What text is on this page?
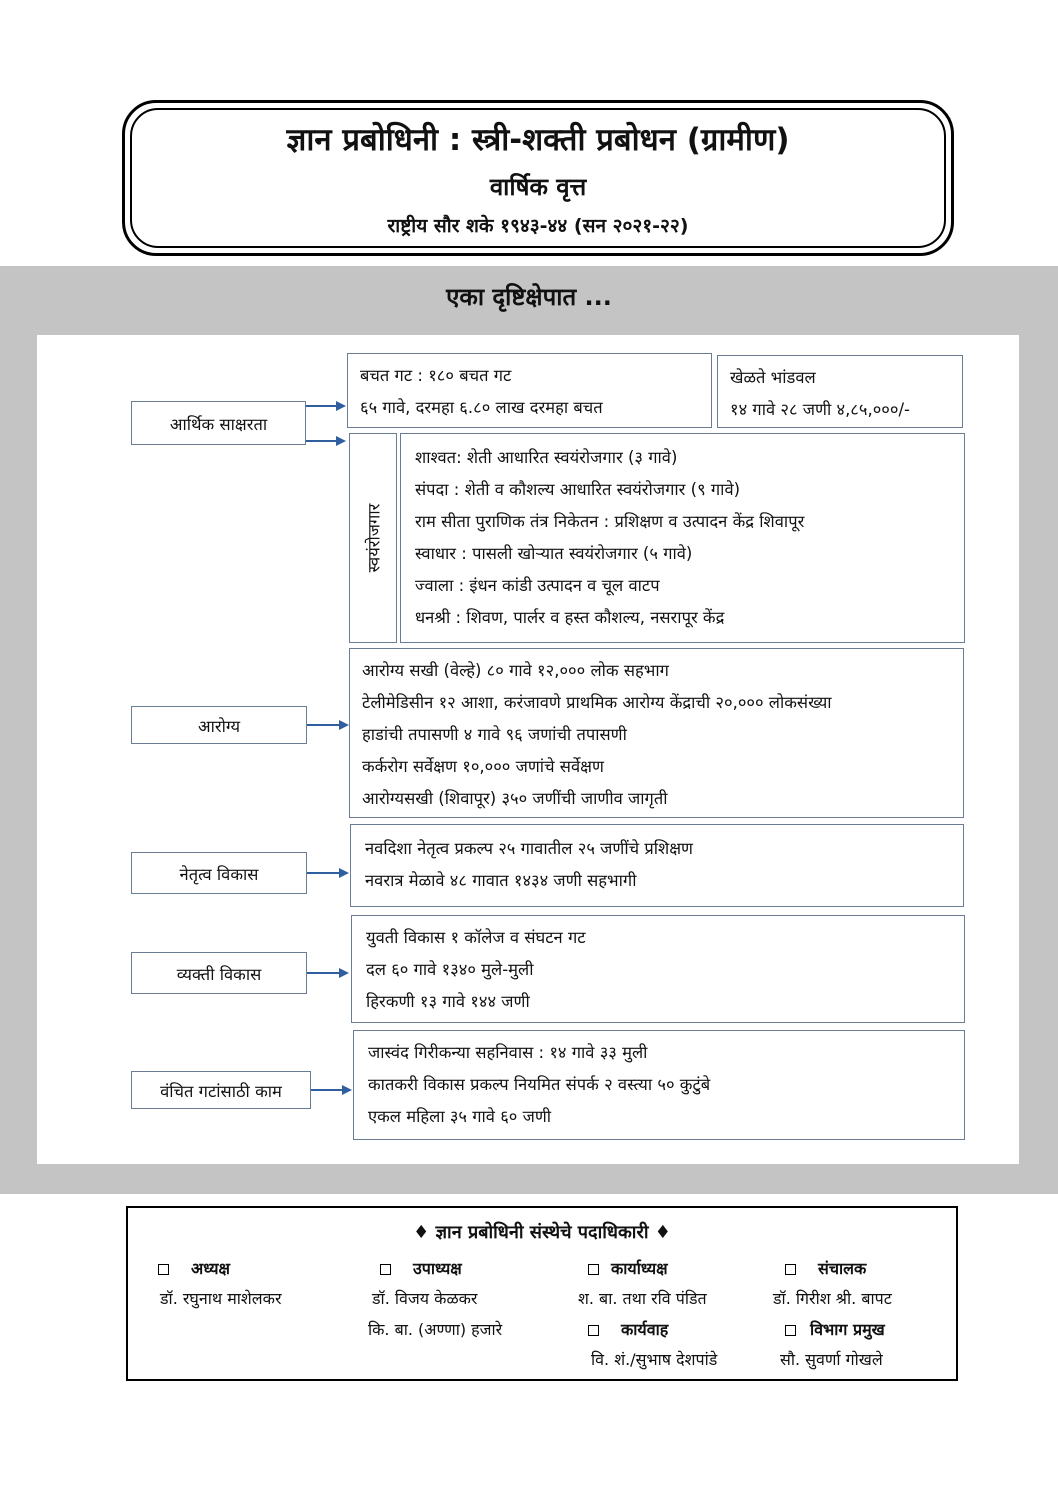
ज्ञान प्रबोधिनी : स्त्री-शक्ती प्रबोधन (ग्रामीण)
वार्षिक वृत्त
राष्ट्रीय सौर शके १९४३-४४ (सन २०२१-२२)
एका दृष्टिक्षेपात ...
आर्थिक साक्षरता
बचत गट : १८० बचत गट
६५ गावे, दरमहा ६.८० लाख दरमहा बचत
खेळते भांडवल
१४ गावे २८ जणी ४,८५,०००/-
स्वयंरोजगार
शाश्वत: शेती आधारित स्वयंरोजगार (३ गावे)
संपदा : शेती व कौशल्य आधारित स्वयंरोजगार (९ गावे)
राम सीता पुराणिक तंत्र निकेतन : प्रशिक्षण व उत्पादन केंद्र शिवापूर
स्वाधार : पासली खोऱ्यात स्वयंरोजगार (५ गावे)
ज्वाला : इंधन कांडी उत्पादन व चूल वाटप
धनश्री : शिवण, पार्लर व हस्त कौशल्य, नसरापूर केंद्र
आरोग्य
आरोग्य सखी (वेल्हे) ८० गावे १२,००० लोक सहभाग
टेलीमेडिसीन १२ आशा, करंजावणे प्राथमिक आरोग्य केंद्राची २०,००० लोकसंख्या
हाडांची तपासणी ४ गावे ९६ जणांची तपासणी
कर्करोग सर्वेक्षण १०,००० जणांचे सर्वेक्षण
आरोग्यसखी (शिवापूर) ३५० जणींची जाणीव जागृती
नेतृत्व विकास
नवदिशा नेतृत्व प्रकल्प २५ गावातील २५ जणींचे प्रशिक्षण
नवरात्र मेळावे ४८ गावात १४३४ जणी सहभागी
व्यक्ती विकास
युवती विकास १ कॉलेज व संघटन गट
दल ६० गावे १३४० मुले-मुली
हिरकणी १३ गावे १४४ जणी
वंचित गटांसाठी काम
जास्वंद गिरीकन्या सहनिवास : १४ गावे ३३ मुली
कातकरी विकास प्रकल्प नियमित संपर्क २ वस्त्या ५० कुटुंबे
एकल महिला ३५ गावे ६० जणी
♦ ज्ञान प्रबोधिनी संस्थेचे पदाधिकारी ♦
अध्यक्ष
डॉ. रघुनाथ माशेलकर
उपाध्यक्ष
डॉ. विजय केळकर
कि. बा. (अण्णा) हजारे
कार्याध्यक्ष
श. बा. तथा रवि पंडित
कार्यवाह
वि. शं./सुभाष देशपांडे
संचालक
डॉ. गिरीश श्री. बापट
विभाग प्रमुख
सौ. सुवर्णा गोखले
